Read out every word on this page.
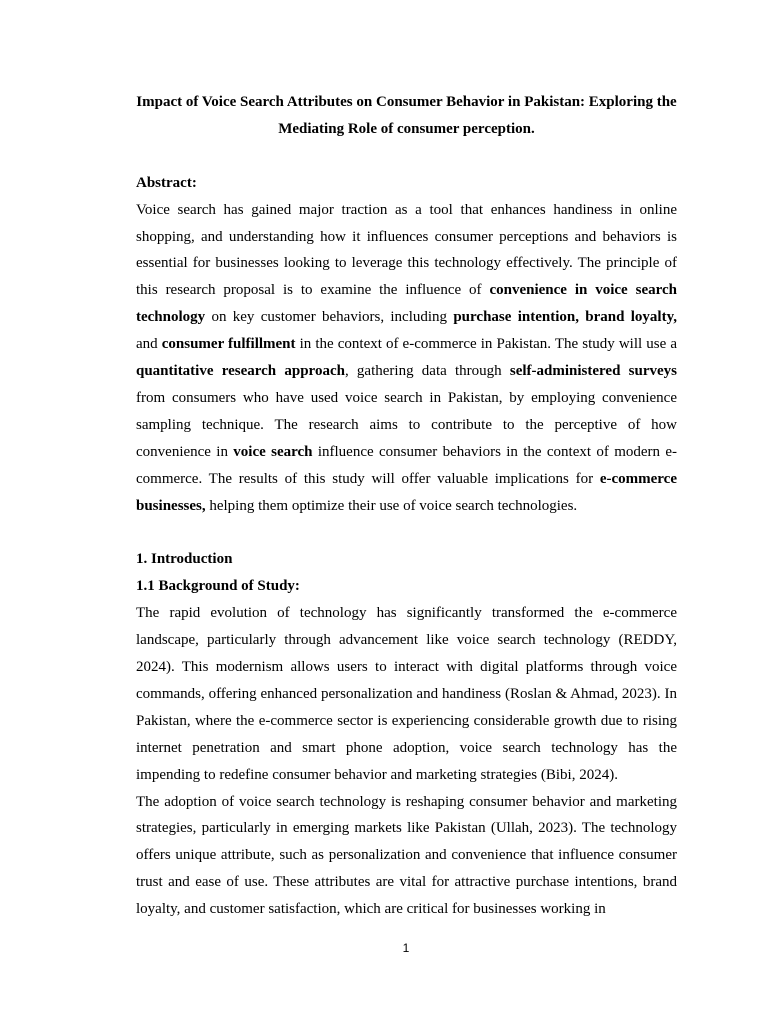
Impact of Voice Search Attributes on Consumer Behavior in Pakistan: Exploring the Mediating Role of consumer perception.

Abstract:

Voice search has gained major traction as a tool that enhances handiness in online shopping, and understanding how it influences consumer perceptions and behaviors is essential for businesses looking to leverage this technology effectively. The principle of this research proposal is to examine the influence of convenience in voice search technology on key customer behaviors, including purchase intention, brand loyalty, and consumer fulfillment in the context of e-commerce in Pakistan. The study will use a quantitative research approach, gathering data through self-administered surveys from consumers who have used voice search in Pakistan, by employing convenience sampling technique. The research aims to contribute to the perceptive of how convenience in voice search influence consumer behaviors in the context of modern e-commerce. The results of this study will offer valuable implications for e-commerce businesses, helping them optimize their use of voice search technologies.

1. Introduction

1.1 Background of Study:

The rapid evolution of technology has significantly transformed the e-commerce landscape, particularly through advancement like voice search technology (REDDY, 2024). This modernism allows users to interact with digital platforms through voice commands, offering enhanced personalization and handiness (Roslan & Ahmad, 2023). In Pakistan, where the e-commerce sector is experiencing considerable growth due to rising internet penetration and smart phone adoption, voice search technology has the impending to redefine consumer behavior and marketing strategies (Bibi, 2024).

The adoption of voice search technology is reshaping consumer behavior and marketing strategies, particularly in emerging markets like Pakistan (Ullah, 2023). The technology offers unique attribute, such as personalization and convenience that influence consumer trust and ease of use. These attributes are vital for attractive purchase intentions, brand loyalty, and customer satisfaction, which are critical for businesses working in

1
